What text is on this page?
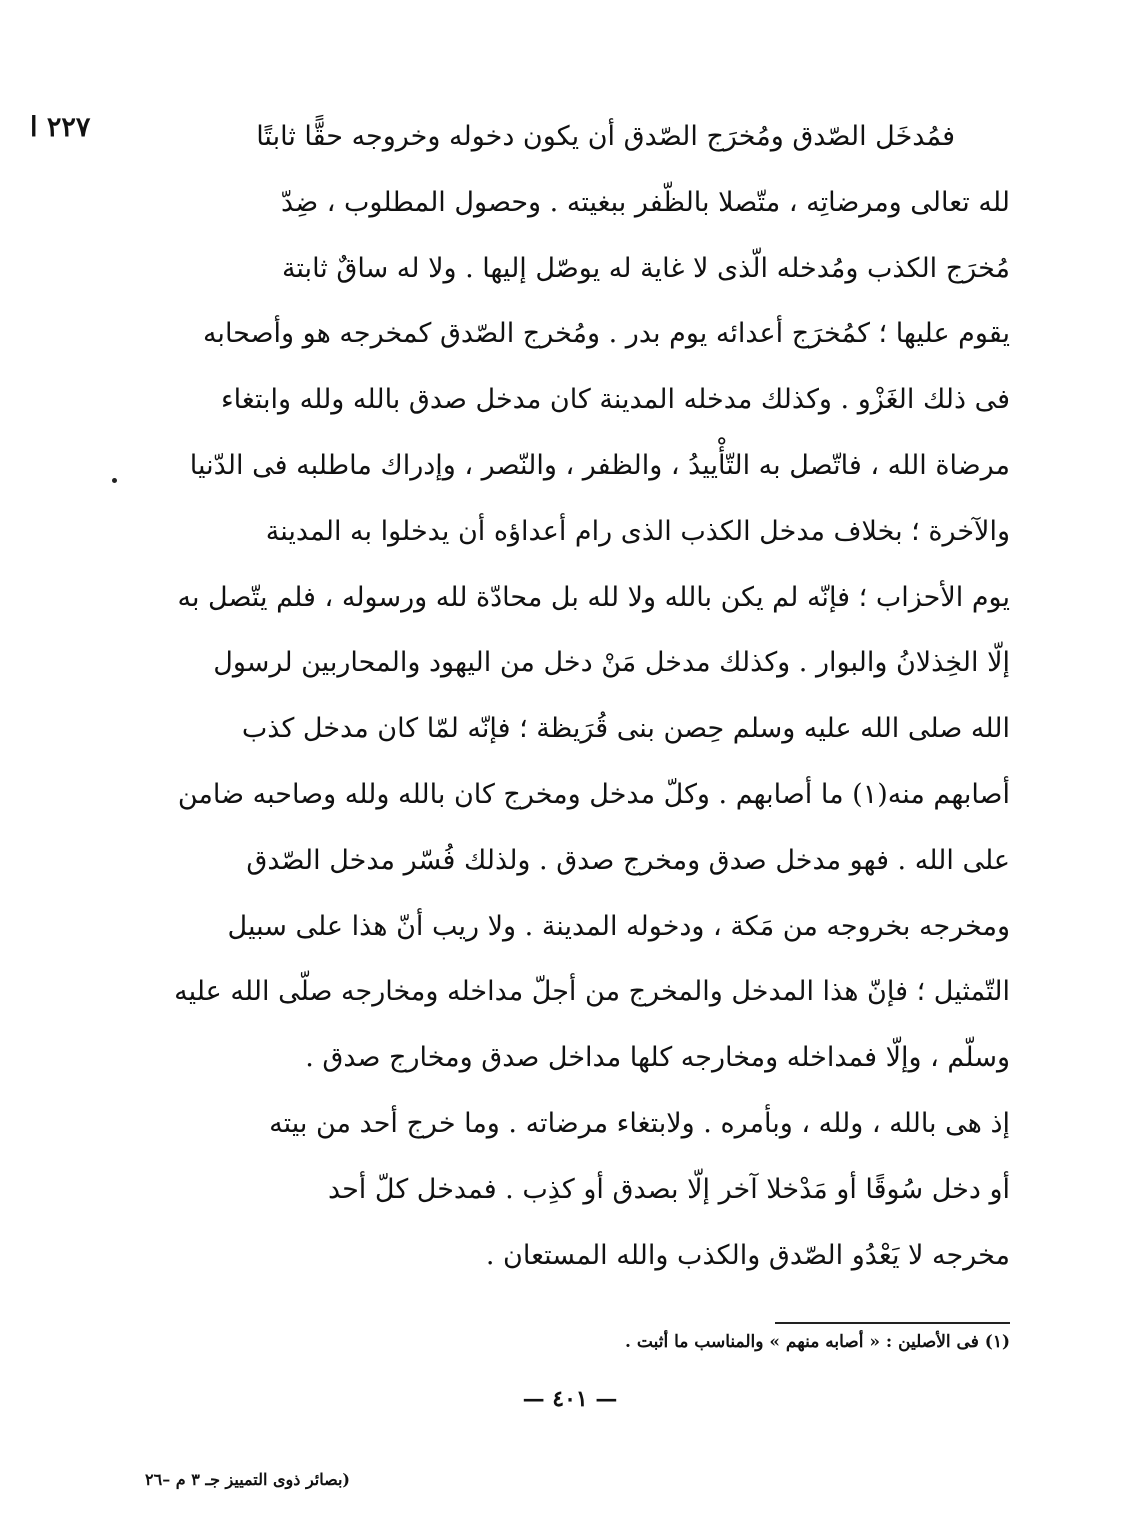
٢٢٧ ا	فمُدخَل الصّدق ومُخرَج الصّدق أن يكون دخوله وخروجه حقًّا ثابتًا
لله تعالى ومرضاتِه ، متّصلا بالظّفر ببغيته . وحصول المطلوب ، ضِدّ
مُخرَج الكذب ومُدخله الّذى لا غاية له يوصّل إليها . ولا له ساقٌ ثابتة
يقوم عليها ؛ كمُخرَج أعدائه يوم بدر . ومُخرج الصّدق كمخرجه هو وأصحابه
فى ذلك الغَزْو . وكذلك مدخله المدينة كان مدخل صدق بالله ولله وابتغاء
مرضاة الله ، فاتّصل به التّأْييدُ ، والظفر ، والنّصر ، وإدراك ماطلبه فى الدّنيا
والآخرة ؛ بخلاف مدخل الكذب الذى رام أعداؤه أن يدخلوا به المدينة
يوم الأحزاب ؛ فإنّه لم يكن بالله ولا لله بل محادّة لله ورسوله ، فلم يتّصل به
إلّا الخِذلانُ والبوار . وكذلك مدخل مَنْ دخل من اليهود والمحاربين لرسول
الله صلى الله عليه وسلم حِصن بنى قُرَيظة ؛ فإنّه لمّا كان مدخل كذب
أصابهم منه(١) ما أصابهم . وكلّ مدخل ومخرج كان بالله ولله وصاحبه ضامن
على الله . فهو مدخل صدق ومخرج صدق . ولذلك فُسّر مدخل الصّدق
ومخرجه بخروجه من مَكة ، ودخوله المدينة . ولا ريب أنّ هذا على سبيل
التّمثيل ؛ فإنّ هذا المدخل والمخرج من أجلّ مداخله ومخارجه صلّى الله عليه
وسلّم ، وإلّا فمداخله ومخارجه كلها مداخل صدق ومخارج صدق .
إذ هى بالله ، ولله ، وبأمره . ولابتغاء مرضاته . وما خرج أحد من بيته
أو دخل سُوقًا أو مَدْخلا آخر إلّا بصدق أو كذِب . فمدخل كلّ أحد
مخرجه لا يَعْدُو الصّدق والكذب والله المستعان .
(١) فى الأصلين : « أصابه منهم » والمناسب ما أثبت .
— ٤٠١ —
(بصائر ذوى التمييز جـ ٣ م –٢٦
